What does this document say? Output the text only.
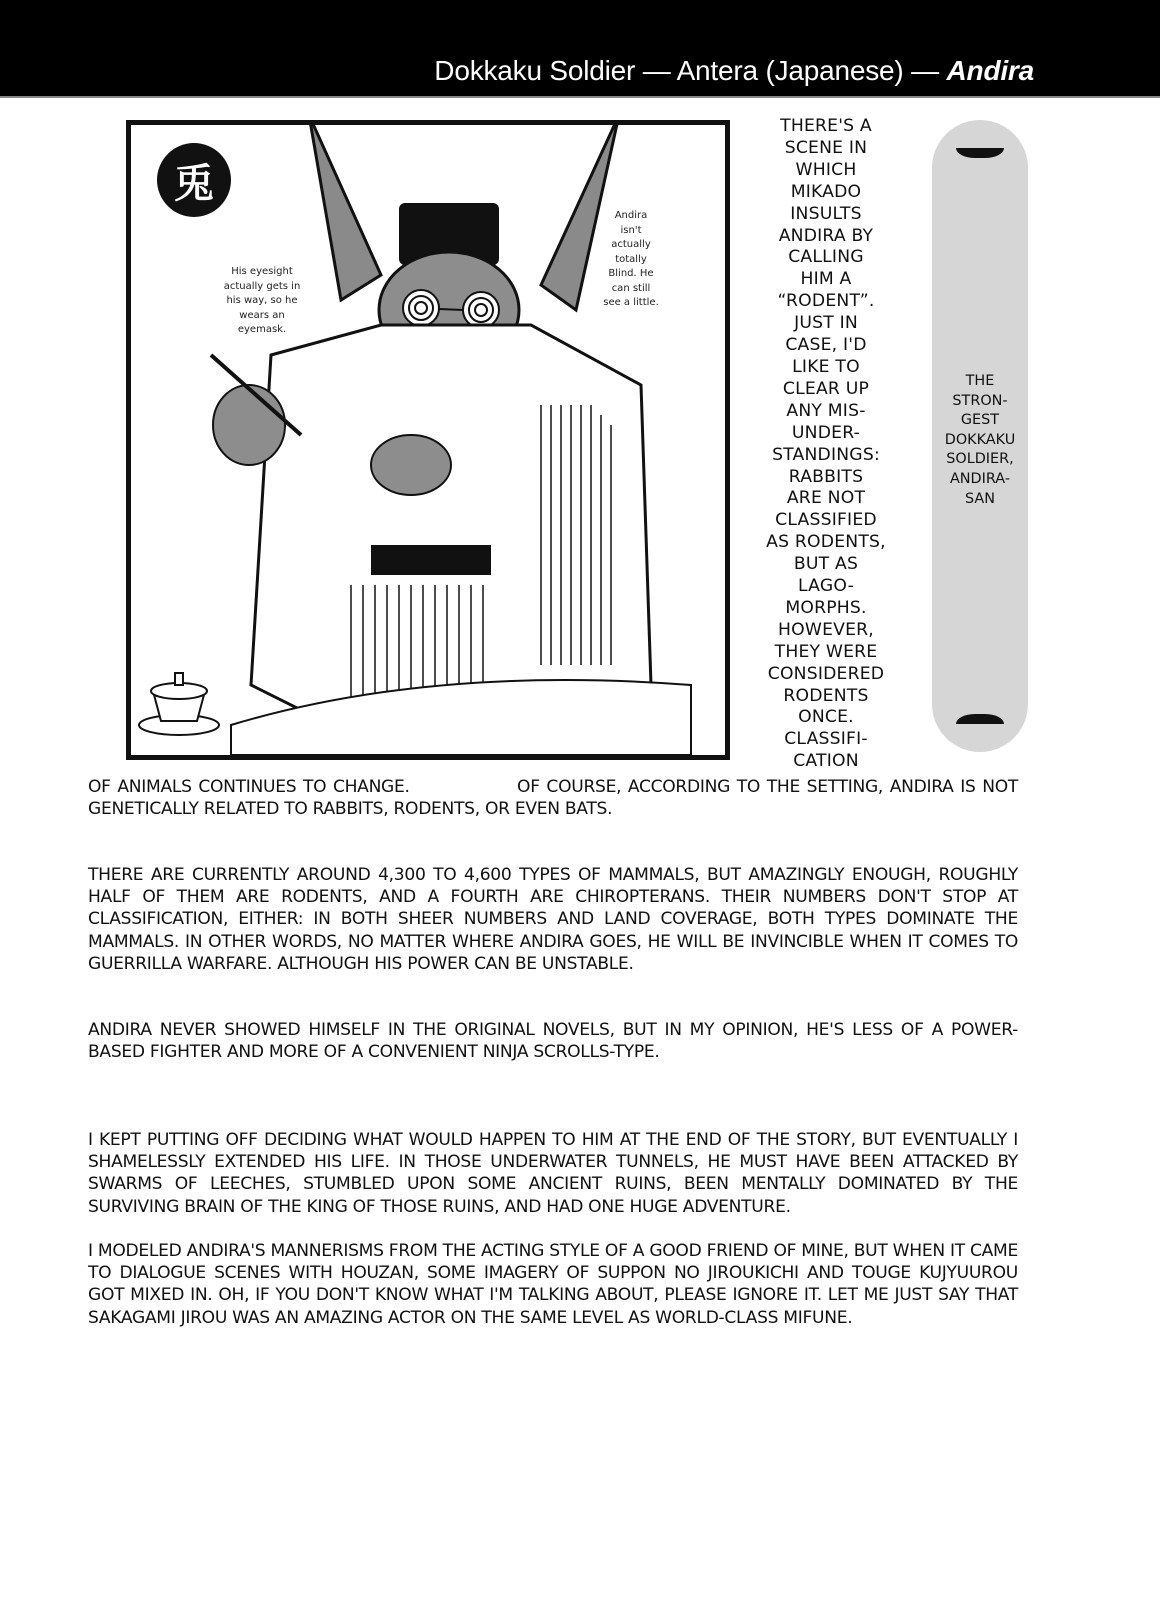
Dokkaku Soldier — Antera (Japanese) — Andira
兎
His eyesight actually gets in his way, so he wears an eyemask.
Andira isn't actually totally Blind. He can still see a little.
THERE'S A
SCENE IN
WHICH
MIKADO
INSULTS
ANDIRA BY
CALLING
HIM A
“RODENT”.
JUST IN
CASE, I'D
LIKE TO
CLEAR UP
ANY MIS-
UNDER-
STANDINGS:
RABBITS
ARE NOT
CLASSIFIED
AS RODENTS,
BUT AS
LAGO-
MORPHS.
HOWEVER,
THEY WERE
CONSIDERED
RODENTS
ONCE.
CLASSIFI-
CATION
THE
STRON-
GEST
DOKKAKU
SOLDIER,
ANDIRA-
SAN
OF ANIMALS CONTINUES TO CHANGE.                OF COURSE, ACCORDING TO THE SETTING, ANDIRA IS NOT GENETICALLY RELATED TO RABBITS, RODENTS, OR EVEN BATS.
THERE ARE CURRENTLY AROUND 4,300 TO 4,600 TYPES OF MAMMALS, BUT AMAZINGLY ENOUGH, ROUGHLY HALF OF THEM ARE RODENTS, AND A FOURTH ARE CHIROPTERANS. THEIR NUMBERS DON'T STOP AT CLASSIFICATION, EITHER: IN BOTH SHEER NUMBERS AND LAND COVERAGE, BOTH TYPES DOMINATE THE MAMMALS. IN OTHER WORDS, NO MATTER WHERE ANDIRA GOES, HE WILL BE INVINCIBLE WHEN IT COMES TO GUERRILLA WARFARE. ALTHOUGH HIS POWER CAN BE UNSTABLE.
ANDIRA NEVER SHOWED HIMSELF IN THE ORIGINAL NOVELS, BUT IN MY OPINION, HE'S LESS OF A POWER-BASED FIGHTER AND MORE OF A CONVENIENT NINJA SCROLLS-TYPE.
I KEPT PUTTING OFF DECIDING WHAT WOULD HAPPEN TO HIM AT THE END OF THE STORY, BUT EVENTUALLY I SHAMELESSLY EXTENDED HIS LIFE. IN THOSE UNDERWATER TUNNELS, HE MUST HAVE BEEN ATTACKED BY SWARMS OF LEECHES, STUMBLED UPON SOME ANCIENT RUINS, BEEN MENTALLY DOMINATED BY THE SURVIVING BRAIN OF THE KING OF THOSE RUINS, AND HAD ONE HUGE ADVENTURE.
I MODELED ANDIRA'S MANNERISMS FROM THE ACTING STYLE OF A GOOD FRIEND OF MINE, BUT WHEN IT CAME TO DIALOGUE SCENES WITH HOUZAN, SOME IMAGERY OF SUPPON NO JIROUKICHI AND TOUGE KUJYUUROU GOT MIXED IN. OH, IF YOU DON'T KNOW WHAT I'M TALKING ABOUT, PLEASE IGNORE IT. LET ME JUST SAY THAT SAKAGAMI JIROU WAS AN AMAZING ACTOR ON THE SAME LEVEL AS WORLD-CLASS MIFUNE.
